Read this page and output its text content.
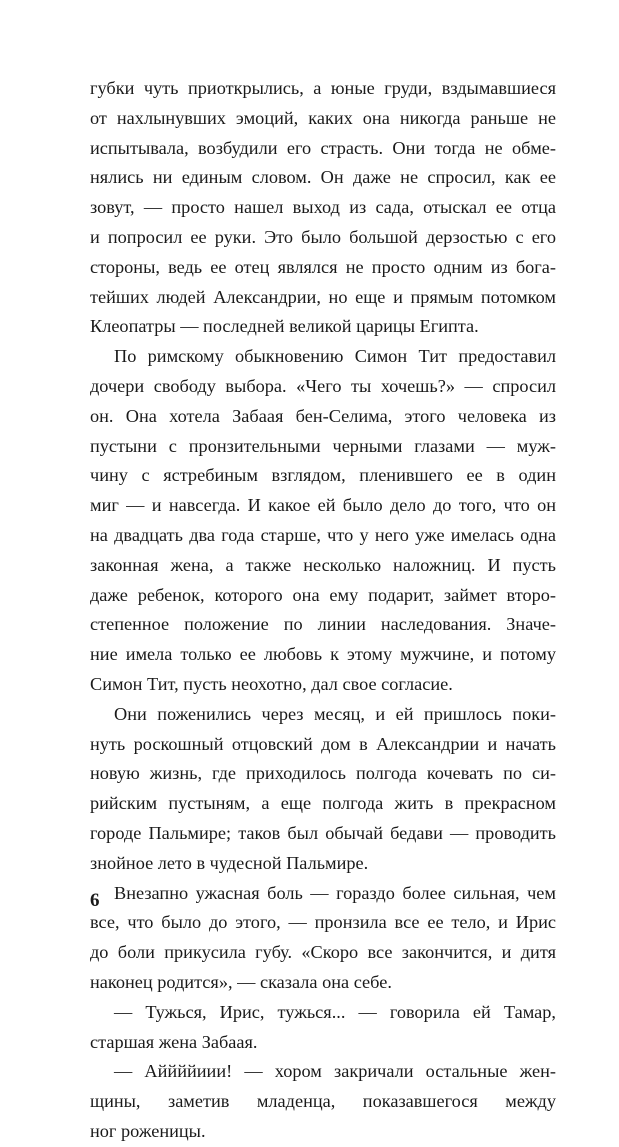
губки чуть приоткрылись, а юные груди, вздымавшиеся
от нахлынувших эмоций, каких она никогда раньше не
испытывала, возбудили его страсть. Они тогда не обме-
нялись ни единым словом. Он даже не спросил, как ее
зовут, — просто нашел выход из сада, отыскал ее отца
и попросил ее руки. Это было большой дерзостью с его
стороны, ведь ее отец являлся не просто одним из бога-
тейших людей Александрии, но еще и прямым потомком
Клеопатры — последней великой царицы Египта.
По римскому обыкновению Симон Тит предоставил
дочери свободу выбора. «Чего ты хочешь?» — спросил
он. Она хотела Забаая бен-Селима, этого человека из
пустыни с пронзительными черными глазами — муж-
чину с ястребиным взглядом, пленившего ее в один
миг — и навсегда. И какое ей было дело до того, что он
на двадцать два года старше, что у него уже имелась одна
законная жена, а также несколько наложниц. И пусть
даже ребенок, которого она ему подарит, займет второ-
степенное положение по линии наследования. Значе-
ние имела только ее любовь к этому мужчине, и потому
Симон Тит, пусть неохотно, дал свое согласие.
Они поженились через месяц, и ей пришлось поки-
нуть роскошный отцовский дом в Александрии и начать
новую жизнь, где приходилось полгода кочевать по си-
рийским пустыням, а еще полгода жить в прекрасном
городе Пальмире; таков был обычай бедави — проводить
знойное лето в чудесной Пальмире.
Внезапно ужасная боль — гораздо более сильная, чем
все, что было до этого, — пронзила все ее тело, и Ирис
до боли прикусила губу. «Скоро все закончится, и дитя
наконец родится», — сказала она себе.
— Тужься, Ирис, тужься... — говорила ей Тамар,
старшая жена Забаая.
— Аййййиии! — хором закричали остальные жен-
щины, заметив младенца, показавшегося между
ног роженицы.
6
